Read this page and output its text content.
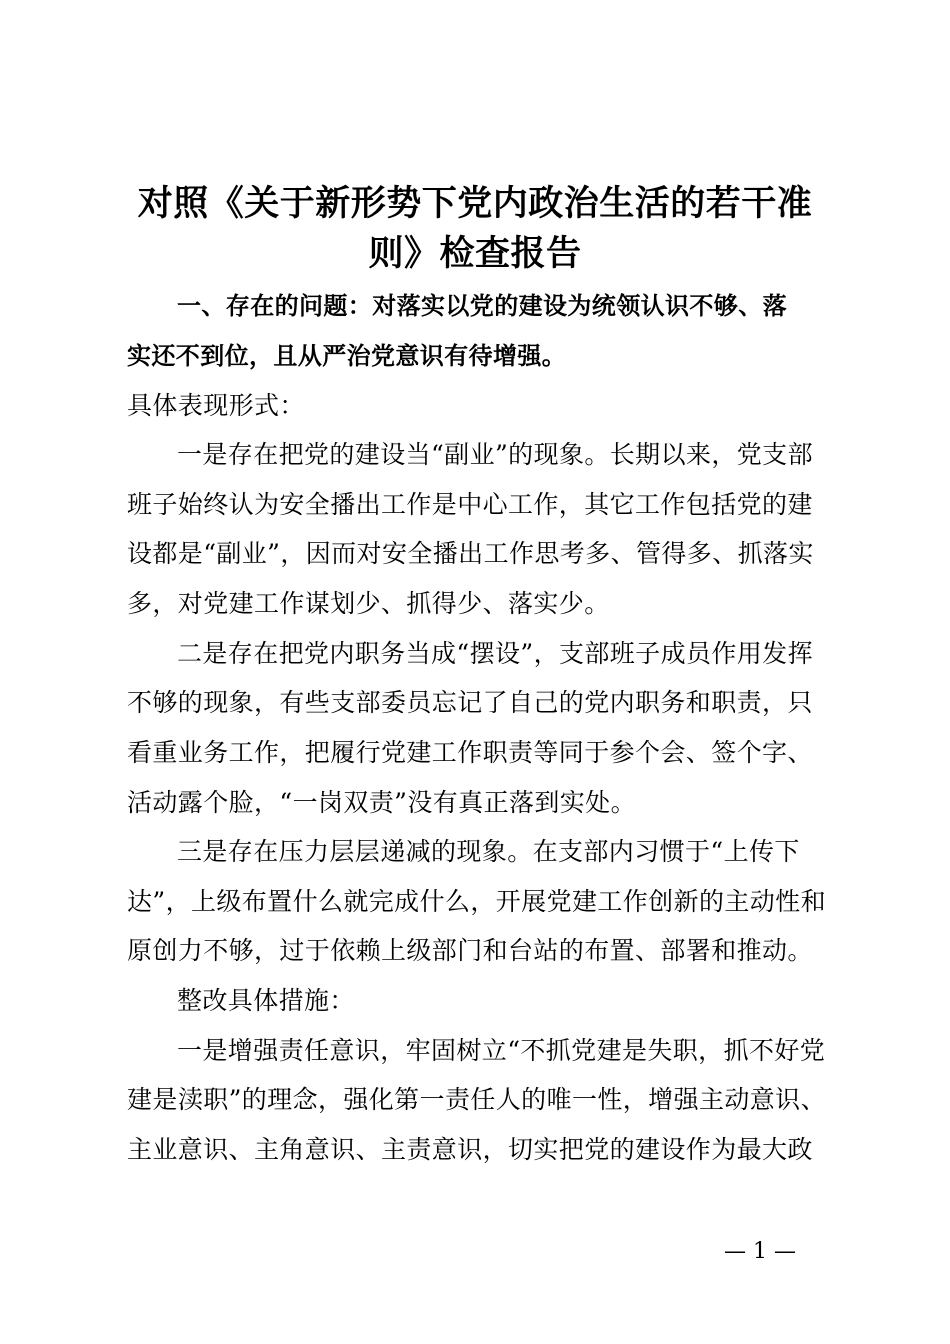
对照《关于新形势下党内政治生活的若干准
则》检查报告
一、存在的问题：对落实以党的建设为统领认识不够、落
实还不到位，且从严治党意识有待增强。
具体表现形式：
一是存在把党的建设当“副业”的现象。长期以来，党支部
班子始终认为安全播出工作是中心工作，其它工作包括党的建
设都是“副业”，因而对安全播出工作思考多、管得多、抓落实
多，对党建工作谋划少、抓得少、落实少。
二是存在把党内职务当成“摆设”，支部班子成员作用发挥
不够的现象，有些支部委员忘记了自己的党内职务和职责，只
看重业务工作，把履行党建工作职责等同于参个会、签个字、
活动露个脸，“一岗双责”没有真正落到实处。
三是存在压力层层递减的现象。在支部内习惯于“上传下
达”，上级布置什么就完成什么，开展党建工作创新的主动性和
原创力不够，过于依赖上级部门和台站的布置、部署和推动。
整改具体措施：
一是增强责任意识，牢固树立“不抓党建是失职，抓不好党
建是渎职”的理念，强化第一责任人的唯一性，增强主动意识、
主业意识、主角意识、主责意识，切实把党的建设作为最大政
— 1 —
